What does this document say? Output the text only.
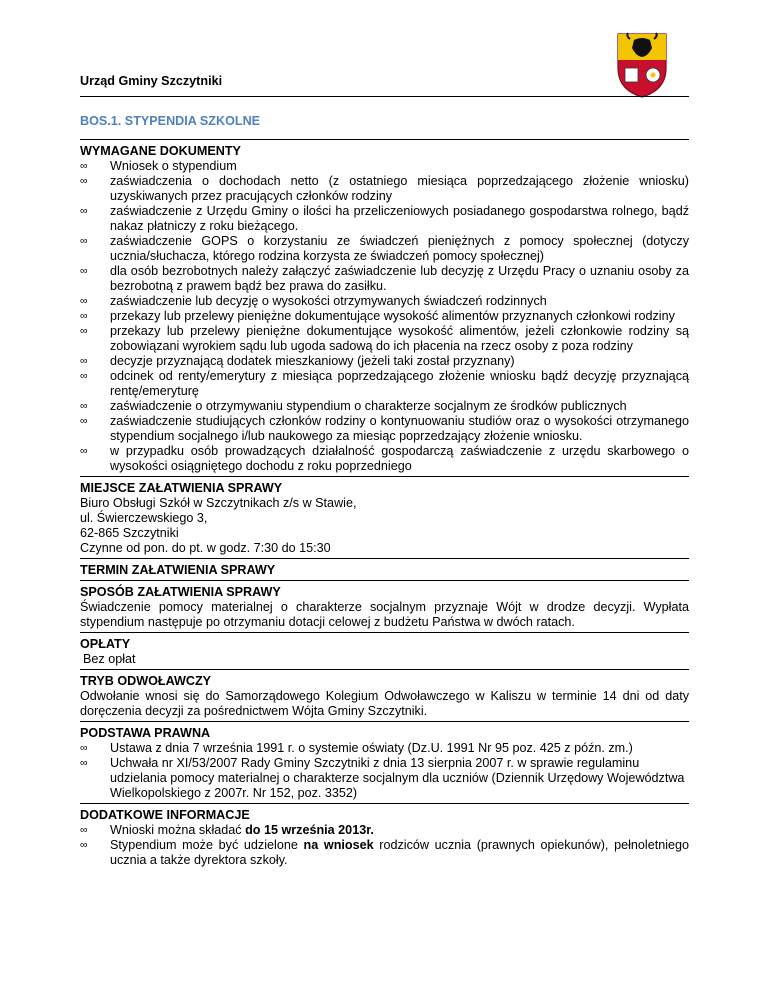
Urząd Gminy Szczytniki
BOS.1. STYPENDIA SZKOLNE
WYMAGANE DOKUMENTY
∞ Wniosek o stypendium
∞ zaświadczenia o dochodach netto (z ostatniego miesiąca poprzedzającego złożenie wniosku) uzyskiwanych przez pracujących członków rodziny
∞ zaświadczenie z Urzędu Gminy o ilości ha przeliczeniowych posiadanego gospodarstwa rolnego, bądź nakaz płatniczy z roku bieżącego.
∞ zaświadczenie GOPS o korzystaniu ze świadczeń pieniężnych z pomocy społecznej (dotyczy ucznia/słuchacza, którego rodzina korzysta ze świadczeń pomocy społecznej)
∞ dla osób bezrobotnych należy załączyć zaświadczenie lub decyzję z Urzędu Pracy o uznaniu osoby za bezrobotną z prawem bądź bez prawa do zasiłku.
∞ zaświadczenie lub decyzję o wysokości otrzymywanych świadczeń rodzinnych
∞ przekazy lub przelewy pieniężne dokumentujące wysokość alimentów przyznanych członkowi rodziny
∞ przekazy lub przelewy pieniężne dokumentujące wysokość alimentów, jeżeli członkowie rodziny są zobowiązani wyrokiem sądu lub ugoda sadową do ich płacenia na rzecz osoby z poza rodziny
∞ decyzje przyznającą dodatek mieszkaniowy (jeżeli taki został przyznany)
∞ odcinek od renty/emerytury z miesiąca poprzedzającego złożenie wniosku bądź decyzję przyznającą rentę/emeryturę
∞ zaświadczenie o otrzymywaniu stypendium o charakterze socjalnym ze środków publicznych
∞ zaświadczenie studiujących członków rodziny o kontynuowaniu studiów oraz o wysokości otrzymanego stypendium socjalnego i/lub naukowego za miesiąc poprzedzający złożenie wniosku.
∞ w przypadku osób prowadzących działalność gospodarczą zaświadczenie z urzędu skarbowego o wysokości osiągniętego dochodu z roku poprzedniego
MIEJSCE ZAŁATWIENIA SPRAWY
Biuro Obsługi Szkół w Szczytnikach z/s w Stawie,
ul. Świerczewskiego 3,
62-865 Szczytniki
Czynne od pon. do pt. w godz. 7:30 do 15:30
TERMIN ZAŁATWIENIA SPRAWY
SPOSÓB ZAŁATWIENIA SPRAWY
Świadczenie pomocy materialnej o charakterze socjalnym przyznaje Wójt w drodze decyzji. Wypłata stypendium następuje po otrzymaniu dotacji celowej z budżetu Państwa w dwóch ratach.
OPŁATY
Bez opłat
TRYB ODWOŁAWCZY
Odwołanie wnosi się do Samorządowego Kolegium Odwoławczego w Kaliszu w terminie 14 dni od daty doręczenia decyzji za pośrednictwem Wójta Gminy Szczytniki.
PODSTAWA PRAWNA
∞ Ustawa z dnia 7 września 1991 r. o systemie oświaty (Dz.U. 1991 Nr 95 poz. 425 z późn. zm.)
∞ Uchwała nr XI/53/2007 Rady Gminy Szczytniki z dnia 13 sierpnia 2007 r. w sprawie regulaminu udzielania pomocy materialnej o charakterze socjalnym dla uczniów (Dziennik Urzędowy Województwa Wielkopolskiego z 2007r. Nr 152, poz. 3352)
DODATKOWE INFORMACJE
∞ Wnioski można składać do 15 września 2013r.
∞ Stypendium może być udzielone na wniosek rodziców ucznia (prawnych opiekunów), pełnoletniego ucznia a także dyrektora szkoły.
